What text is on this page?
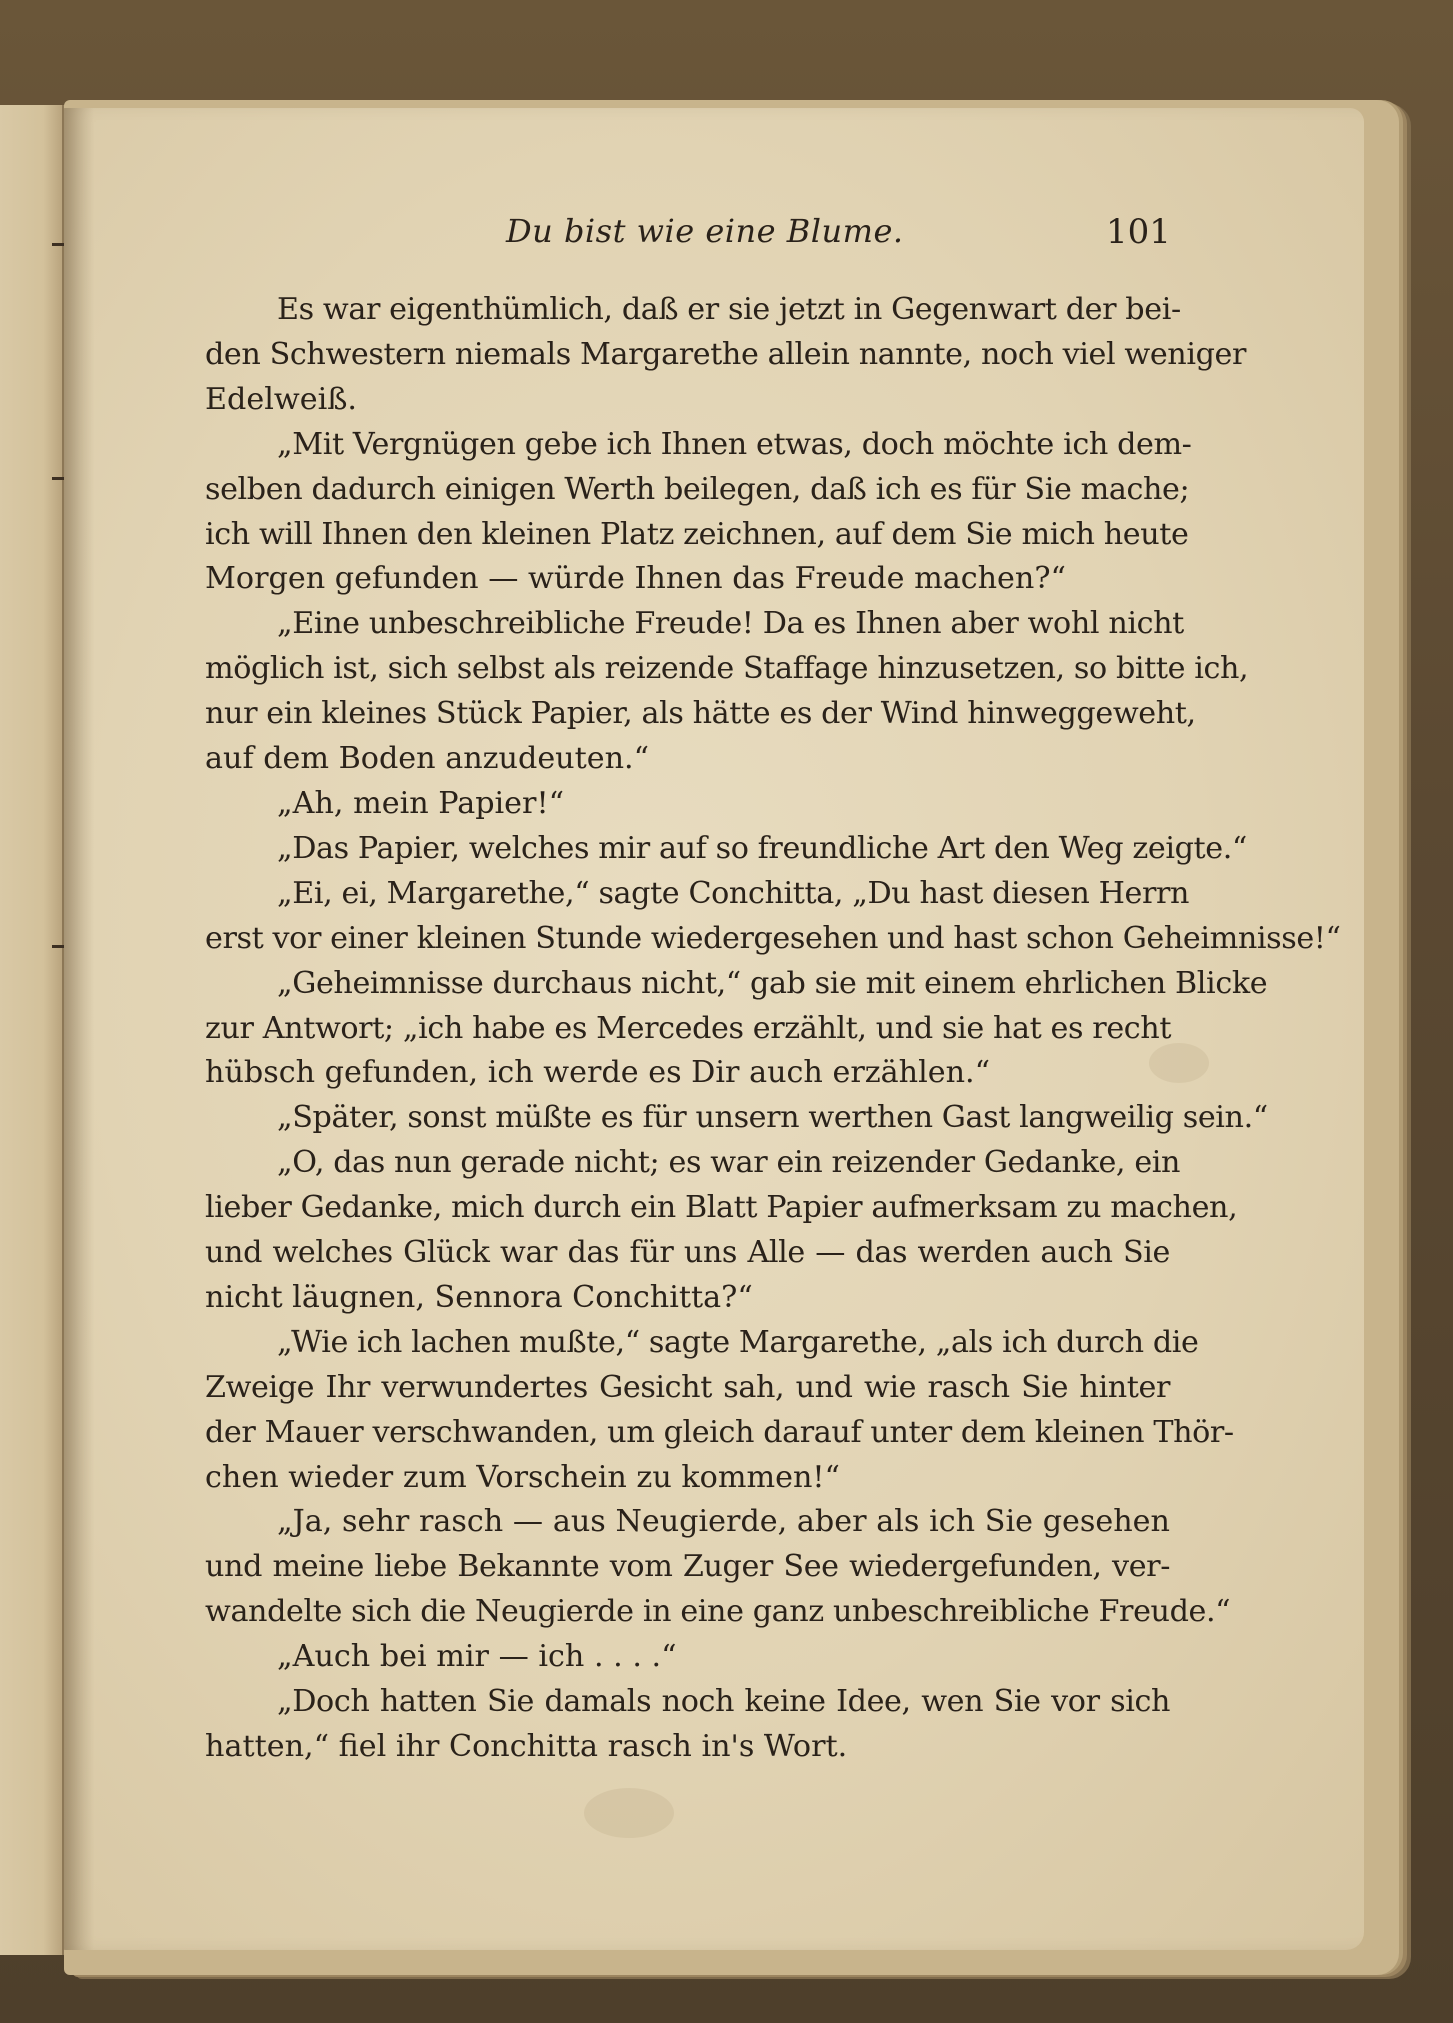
Du bist wie eine Blume.	101

Es war eigenthümlich, daß er sie jetzt in Gegenwart der bei-
den Schwestern niemals Margarethe allein nannte, noch viel weniger
Edelweiß.

„Mit Vergnügen gebe ich Ihnen etwas, doch möchte ich dem-
selben dadurch einigen Werth beilegen, daß ich es für Sie mache;
ich will Ihnen den kleinen Platz zeichnen, auf dem Sie mich heute
Morgen gefunden — würde Ihnen das Freude machen?“

„Eine unbeschreibliche Freude! Da es Ihnen aber wohl nicht
möglich ist, sich selbst als reizende Staffage hinzusetzen, so bitte ich,
nur ein kleines Stück Papier, als hätte es der Wind hinweggeweht,
auf dem Boden anzudeuten.“

„Ah, mein Papier!“

„Das Papier, welches mir auf so freundliche Art den Weg zeigte.“

„Ei, ei, Margarethe,“ sagte Conchitta, „Du hast diesen Herrn
erst vor einer kleinen Stunde wiedergesehen und hast schon Geheimnisse!“

„Geheimnisse durchaus nicht,“ gab sie mit einem ehrlichen Blicke
zur Antwort; „ich habe es Mercedes erzählt, und sie hat es recht
hübsch gefunden, ich werde es Dir auch erzählen.“

„Später, sonst müßte es für unsern werthen Gast langweilig sein.“

„O, das nun gerade nicht; es war ein reizender Gedanke, ein
lieber Gedanke, mich durch ein Blatt Papier aufmerksam zu machen,
und welches Glück war das für uns Alle — das werden auch Sie
nicht läugnen, Sennora Conchitta?“

„Wie ich lachen mußte,“ sagte Margarethe, „als ich durch die
Zweige Ihr verwundertes Gesicht sah, und wie rasch Sie hinter
der Mauer verschwanden, um gleich darauf unter dem kleinen Thör-
chen wieder zum Vorschein zu kommen!“

„Ja, sehr rasch — aus Neugierde, aber als ich Sie gesehen
und meine liebe Bekannte vom Zuger See wiedergefunden, ver-
wandelte sich die Neugierde in eine ganz unbeschreibliche Freude.“

„Auch bei mir — ich . . . .“

„Doch hatten Sie damals noch keine Idee, wen Sie vor sich
hatten,“ fiel ihr Conchitta rasch in's Wort.
